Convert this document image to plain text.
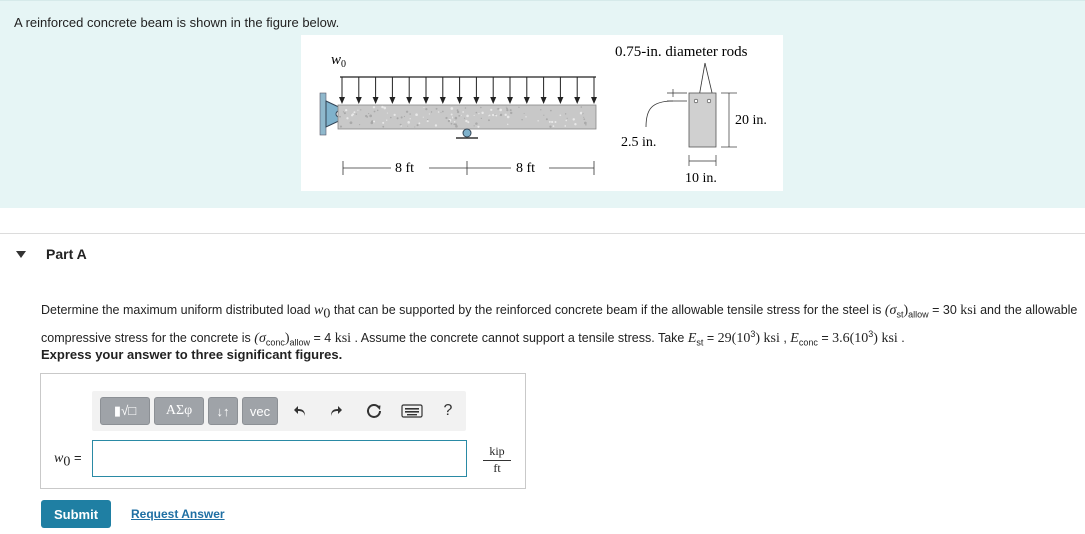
A reinforced concrete beam is shown in the figure below.
w 0
8 ft	8 ft
0.75-in. diameter rods
2.5 in.
20 in.
10 in.
Part A
Determine the maximum uniform distributed load $w_0$ that can be supported by the reinforced concrete beam if the allowable tensile stress for the steel is $(\sigma_{st})_{allow} = 30$ ksi and the allowable compressive stress for the concrete is $(\sigma_{conc})_{allow} = 4$ ksi . Assume the concrete cannot support a tensile stress. Take $E_{st} = 29(10^3)$ ksi , $E_{conc} = 3.6(10^3)$ ksi .
Express your answer to three significant figures.
▮√□	ΑΣφ	↓↑	vec	?
$w_0$ =	kip
ft
Submit	Request Answer
